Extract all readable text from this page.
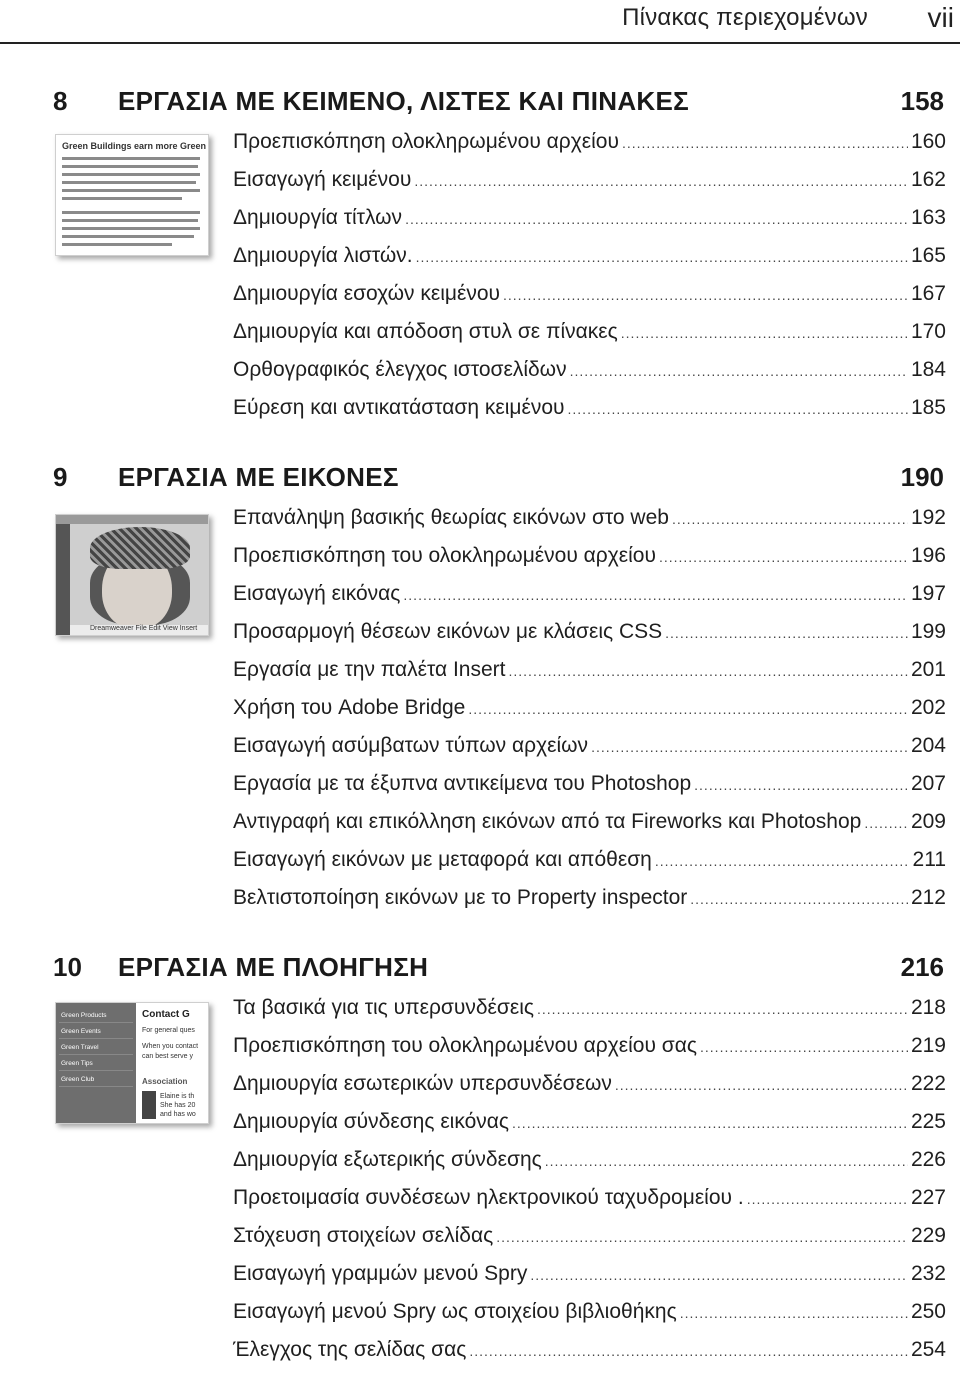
Πίνακας περιεχομένων vii
8 ΕΡΓΑΣΙΑ ΜΕ ΚΕΙΜΕΝΟ, ΛΙΣΤΕΣ ΚΑΙ ΠΙΝΑΚΕΣ	158
Green Buildings earn more Green Προεπισκόπηση ολοκληρωμένου αρχείου .....	160
Εισαγωγή κειμένου .....	162
Δημιουργία τίτλων .....	163
Δημιουργία λιστών. .....	165
Δημιουργία εσοχών κειμένου .....	167
Δημιουργία και απόδοση στυλ σε πίνακες .....	170
Ορθογραφικός έλεγχος ιστοσελίδων .....	184
Εύρεση και αντικατάσταση κειμένου .....	185
9 ΕΡΓΑΣΙΑ ΜΕ ΕΙΚΟΝΕΣ	190
Dreamweaver File Edit View Insert
Επανάληψη βασικής θεωρίας εικόνων στο web .....	192
Προεπισκόπηση του ολοκληρωμένου αρχείου .....	196
Εισαγωγή εικόνας .....	197
Προσαρμογή θέσεων εικόνων με κλάσεις CSS .....	199
Εργασία με την παλέτα Insert .....	201
Χρήση του Adobe Bridge .....	202
Εισαγωγή ασύμβατων τύπων αρχείων .....	204
Εργασία με τα έξυπνα αντικείμενα του Photoshop .....	207
Αντιγραφή και επικόλληση εικόνων από τα Fireworks και Photoshop ..... 209
Εισαγωγή εικόνων με μεταφορά και απόθεση .....	211
Βελτιστοποίηση εικόνων με το Property inspector .....	212
10 ΕΡΓΑΣΙΑ ΜΕ ΠΛΟΗΓΗΣΗ	216
Green Products
Green Events
Green Travel
Green Tips
Green Club
Contact G
For general ques
When you contact
can best serve y
Association
Elaine is th
She has 20
and has wo
Τα βασικά για τις υπερσυνδέσεις .....	218
Προεπισκόπηση του ολοκληρωμένου αρχείου σας .....	219
Δημιουργία εσωτερικών υπερσυνδέσεων .....	222
Δημιουργία σύνδεσης εικόνας .....	225
Δημιουργία εξωτερικής σύνδεσης .....	226
Προετοιμασία συνδέσεων ηλεκτρονικού ταχυδρομείου . .....	227
Στόχευση στοιχείων σελίδας .....	229
Εισαγωγή γραμμών μενού Spry .....	232
Εισαγωγή μενού Spry ως στοιχείου βιβλιοθήκης .....	250
Έλεγχος της σελίδας σας .....	254
